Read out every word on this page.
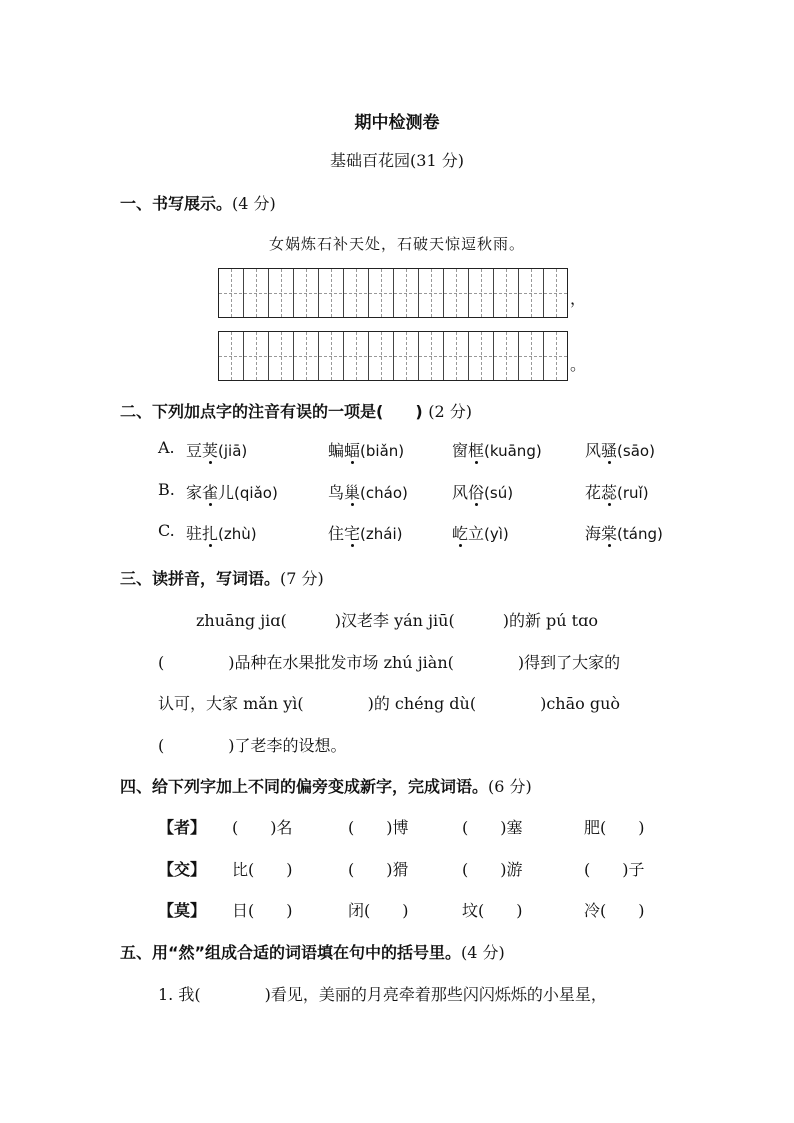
期中检测卷
基础百花园(31 分)
一、书写展示。(4 分)
女娲炼石补天处，石破天惊逗秋雨。
，
。
二、下列加点字的注音有误的一项是(　　) (2 分)
A. 豆荚(jiā)	蝙蝠(biǎn)	窗框(kuāng)	风骚(sāo)
B. 家雀儿(qiǎo)	鸟巢(cháo)	风俗(sú)	花蕊(ruǐ)
C. 驻扎(zhù)	住宅(zhái)	屹立(yì)	海棠(táng)
三、读拼音，写词语。(7 分)
zhuāng jiɑ(　　　)汉老李 yán jiū(　　　)的新 pú tɑo
(　　　　)品种在水果批发市场 zhú jiàn(　　　　)得到了大家的
认可，大家 mǎn yì(　　　　)的 chéng dù(　　　　)chāo guò
(　　　　)了老李的设想。
四、给下列字加上不同的偏旁变成新字，完成词语。(6 分)
【者】 (　　)名	(　　)博	(　　)塞	肥(　　)
【交】 比(　　)	(　　)猾	(　　)游	(　　)子
【莫】 日(　　)	闭(　　)	坟(　　)	冷(　　)
五、用“然”组成合适的词语填在句中的括号里。(4 分)
1. 我(　　　　)看见，美丽的月亮牵着那些闪闪烁烁的小星星，
